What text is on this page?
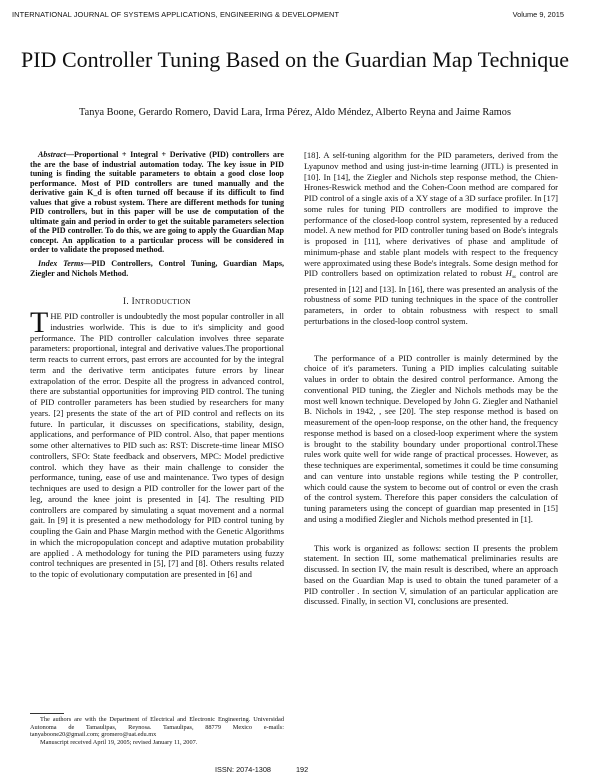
INTERNATIONAL JOURNAL OF SYSTEMS APPLICATIONS, ENGINEERING & DEVELOPMENT	Volume 9, 2015
PID Controller Tuning Based on the Guardian Map Technique
Tanya Boone, Gerardo Romero, David Lara, Irma Pérez, Aldo Méndez, Alberto Reyna and Jaime Ramos

Abstract—Proportional + Integral + Derivative (PID) controllers are the are the base of industrial automation today. The key issue in PID tuning is finding the suitable parameters to obtain a good close loop performance. Most of PID controllers are tuned manually and the derivative gain K_d is often turned off because if its difficult to find values that give a robust system. There are different methods for tuning PID controllers, but in this paper will be use de computation of the ultimate gain and period in order to get the suitable parameters selection of the PID controller. To do this, we are going to apply the Guardian Map concept. An application to a particular process will be considered in order to validate the proposed method.

Index Terms—PID Controllers, Control Tuning, Guardian Maps, Ziegler and Nichols Method.

I. INTRODUCTION

THE PID controller is undoubtedly the most popular controller in all industries worlwide. This is due to it's simplicity and good performance. The PID controller calculation involves three separate parameters: proportional, integral and derivative values.The proportional term reacts to current errors, past errors are accounted for by the integral term and the derivative term anticipates future errors by linear extrapolation of the error. Despite all the progress in advanced control, there are substantial opportunities for improving PID control. The tuning of PID controller parameters has been studied by researchers for many years. [2] presents the state of the art of PID control and reflects on its future. In particular, it discusses on specifications, stability, design, applications, and performance of PID control. Also, that paper mentions some other alternatives to PID such as: RST: Discrete-time linear MISO controllers, SFO: State feedback and observers, MPC: Model predictive control. which they have as their main challenge to consider the performance, tuning, ease of use and maintenance. Two types of design techniques are used to design a PID controller for the lower part of the leg, around the knee joint is presented in [4]. The resulting PID controllers are compared by simulating a squat movement and a normal gait. In [9] it is presented a new methodology for PID control tuning by coupling the Gain and Phase Margin method with the Genetic Algorithms in which the micropopulation concept and adaptive mutation probability are applied . A methodology for tuning the PID parameters using fuzzy control techniques are presented in [5], [7] and [8]. Others results related to the topic of evolutionary computation are presented in [6] and

[18]. A self-tuning algorithm for the PID parameters, derived from the Lyapunov method and using just-in-time learning (JITL) is presented in [10]. In [14], the Ziegler and Nichols step response method, the Chien-Hrones-Reswick method and the Cohen-Coon method are compared for PID control of a single axis of a XY stage of a 3D surface profiler. In [17] some rules for tuning PID controllers are modified to improve the performance of the closed-loop control system, represented by a reduced model. A new method for PID controller tuning based on Bode's integrals is proposed in [11], where derivatives of phase and amplitude of minimum-phase and stable plant models with respect to the frequency were approximated using these Bode's integrals. Some design method for PID controllers based on optimization related to robust $H_\infty$ control are presented in [12] and [13]. In [16], there was presented an analysis of the robustness of some PID tuning techniques in the space of the controller parameters, in order to obtain robustness with respect to small perturbations in the closed-loop control system.

The performance of a PID controller is mainly determined by the choice of it's parameters. Tuning a PID implies calculating suitable values in order to obtain the desired control performance. Among the conventional PID tuning, the Ziegler and Nichols methods may be the most well known technique. Developed by John G. Ziegler and Nathaniel B. Nichols in 1942, , see [20]. The step response method is based on measurement of the open-loop response, on the other hand, the frequency response method is based on a closed-loop experiment where the system is brought to the stability boundary under proportional control.These rules work quite well for wide range of practical processes. However, as these techniques are experimental, sometimes it could be time consuming and can venture into unstable regions while testing the P controller, which could cause the system to become out of control or even the crash of the control system. Therefore this paper considers the calculation of tuning parameters using the concept of guardian map presented in [15] and using a modified Ziegler and Nichols method presented in [1].

This work is organized as follows: section II presents the problem statement. In section III, some mathematical preliminaries results are discussed. In section IV, the main result is described, where an approach based on the Guardian Map is used to obtain the tuned parameter of a PID controller . In section V, simulation of an particular application are discussed. Finally, in section VI, conclusions are presented.

The authors are with the Department of Electrical and Electronic Engineering. Universidad Autonoma de Tamaulipas, Reynosa. Tamaulipas, 88779 Mexico e-mails: tanyaboone20@gmail.com; gromero@uat.edu.mx

Manuscript received April 19, 2005; revised January 11, 2007.

ISSN: 2074-1308	192
